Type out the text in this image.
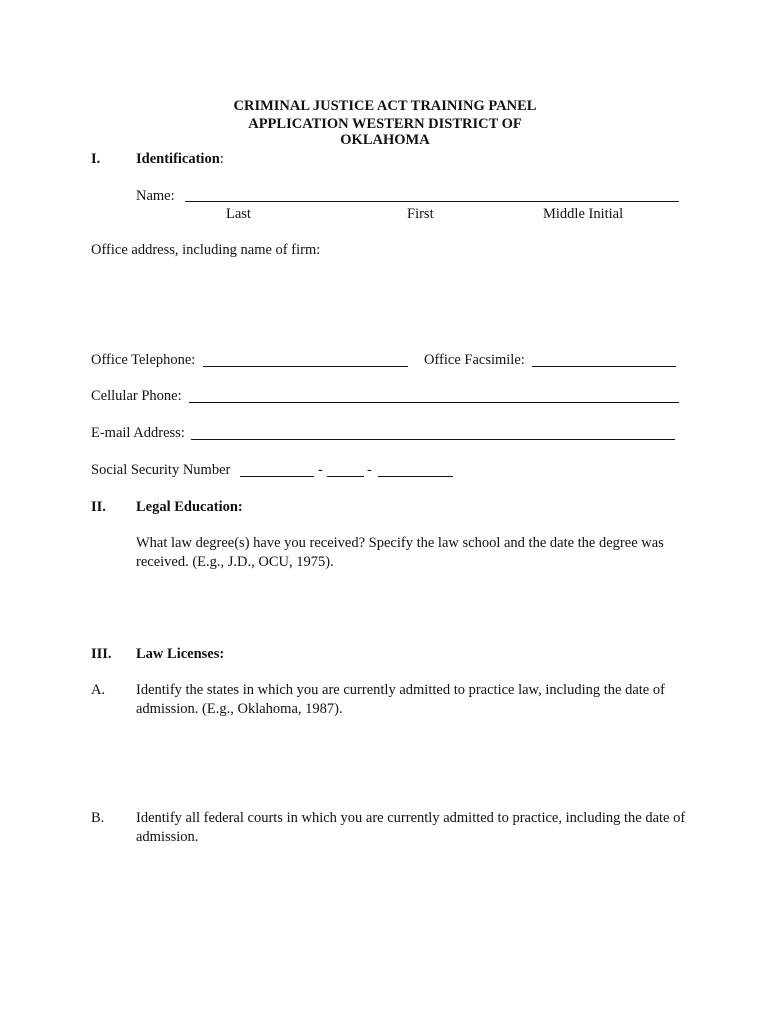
CRIMINAL JUSTICE ACT TRAINING PANEL
APPLICATION WESTERN DISTRICT OF
OKLAHOMA
I. Identification:
Name:
Last	First	Middle Initial
Office address, including name of firm:
Office Telephone:	Office Facsimile:
Cellular Phone:
E-mail Address:
Social Security Number	-	-
II. Legal Education:
What law degree(s) have you received? Specify the law school and the date the degree was received. (E.g., J.D., OCU, 1975).
III. Law Licenses:
A. Identify the states in which you are currently admitted to practice law, including the date of admission. (E.g., Oklahoma, 1987).
B. Identify all federal courts in which you are currently admitted to practice, including the date of admission.
